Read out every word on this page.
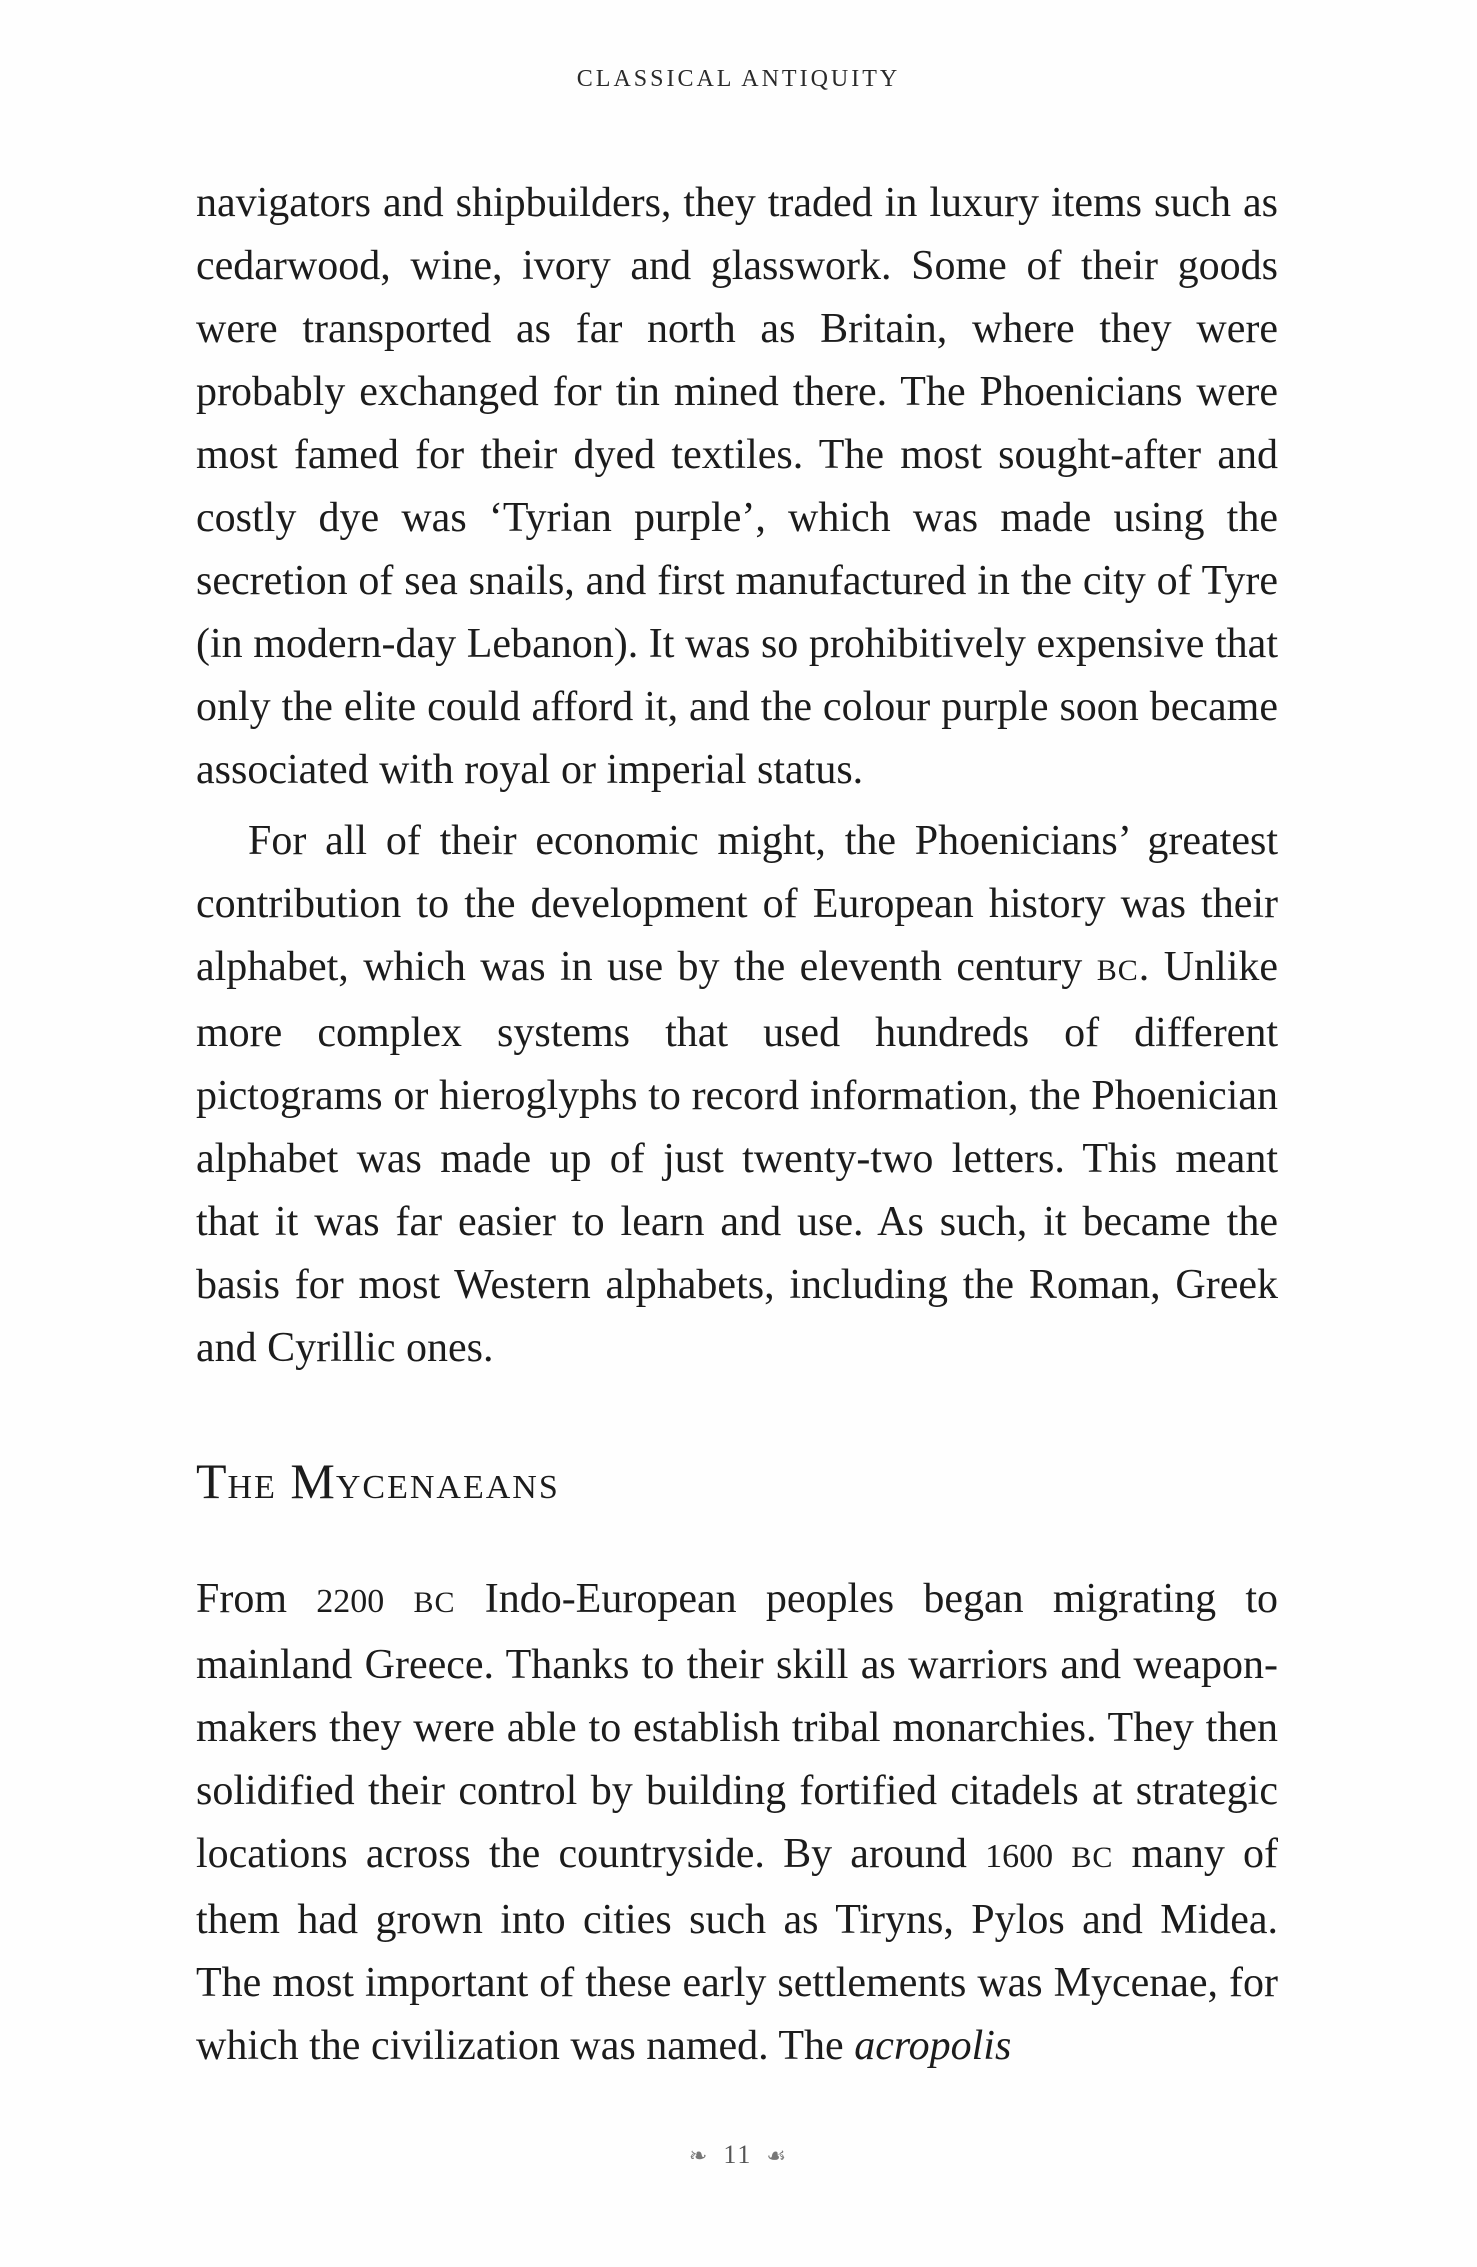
CLASSICAL ANTIQUITY

navigators and shipbuilders, they traded in luxury items such as cedarwood, wine, ivory and glasswork. Some of their goods were transported as far north as Britain, where they were probably exchanged for tin mined there. The Phoenicians were most famed for their dyed textiles. The most sought-after and costly dye was ‘Tyrian purple’, which was made using the secretion of sea snails, and first manufactured in the city of Tyre (in modern-day Lebanon). It was so prohibitively expensive that only the elite could afford it, and the colour purple soon became associated with royal or imperial status.

For all of their economic might, the Phoenicians’ greatest contribution to the development of European history was their alphabet, which was in use by the eleventh century BC. Unlike more complex systems that used hundreds of different pictograms or hieroglyphs to record information, the Phoenician alphabet was made up of just twenty-two letters. This meant that it was far easier to learn and use. As such, it became the basis for most Western alphabets, including the Roman, Greek and Cyrillic ones.

THE MYCENAEANS

From 2200 BC Indo-European peoples began migrating to mainland Greece. Thanks to their skill as warriors and weapon-makers they were able to establish tribal monarchies. They then solidified their control by building fortified citadels at strategic locations across the countryside. By around 1600 BC many of them had grown into cities such as Tiryns, Pylos and Midea. The most important of these early settlements was Mycenae, for which the civilization was named. The acropolis

❧ 11 ☙
